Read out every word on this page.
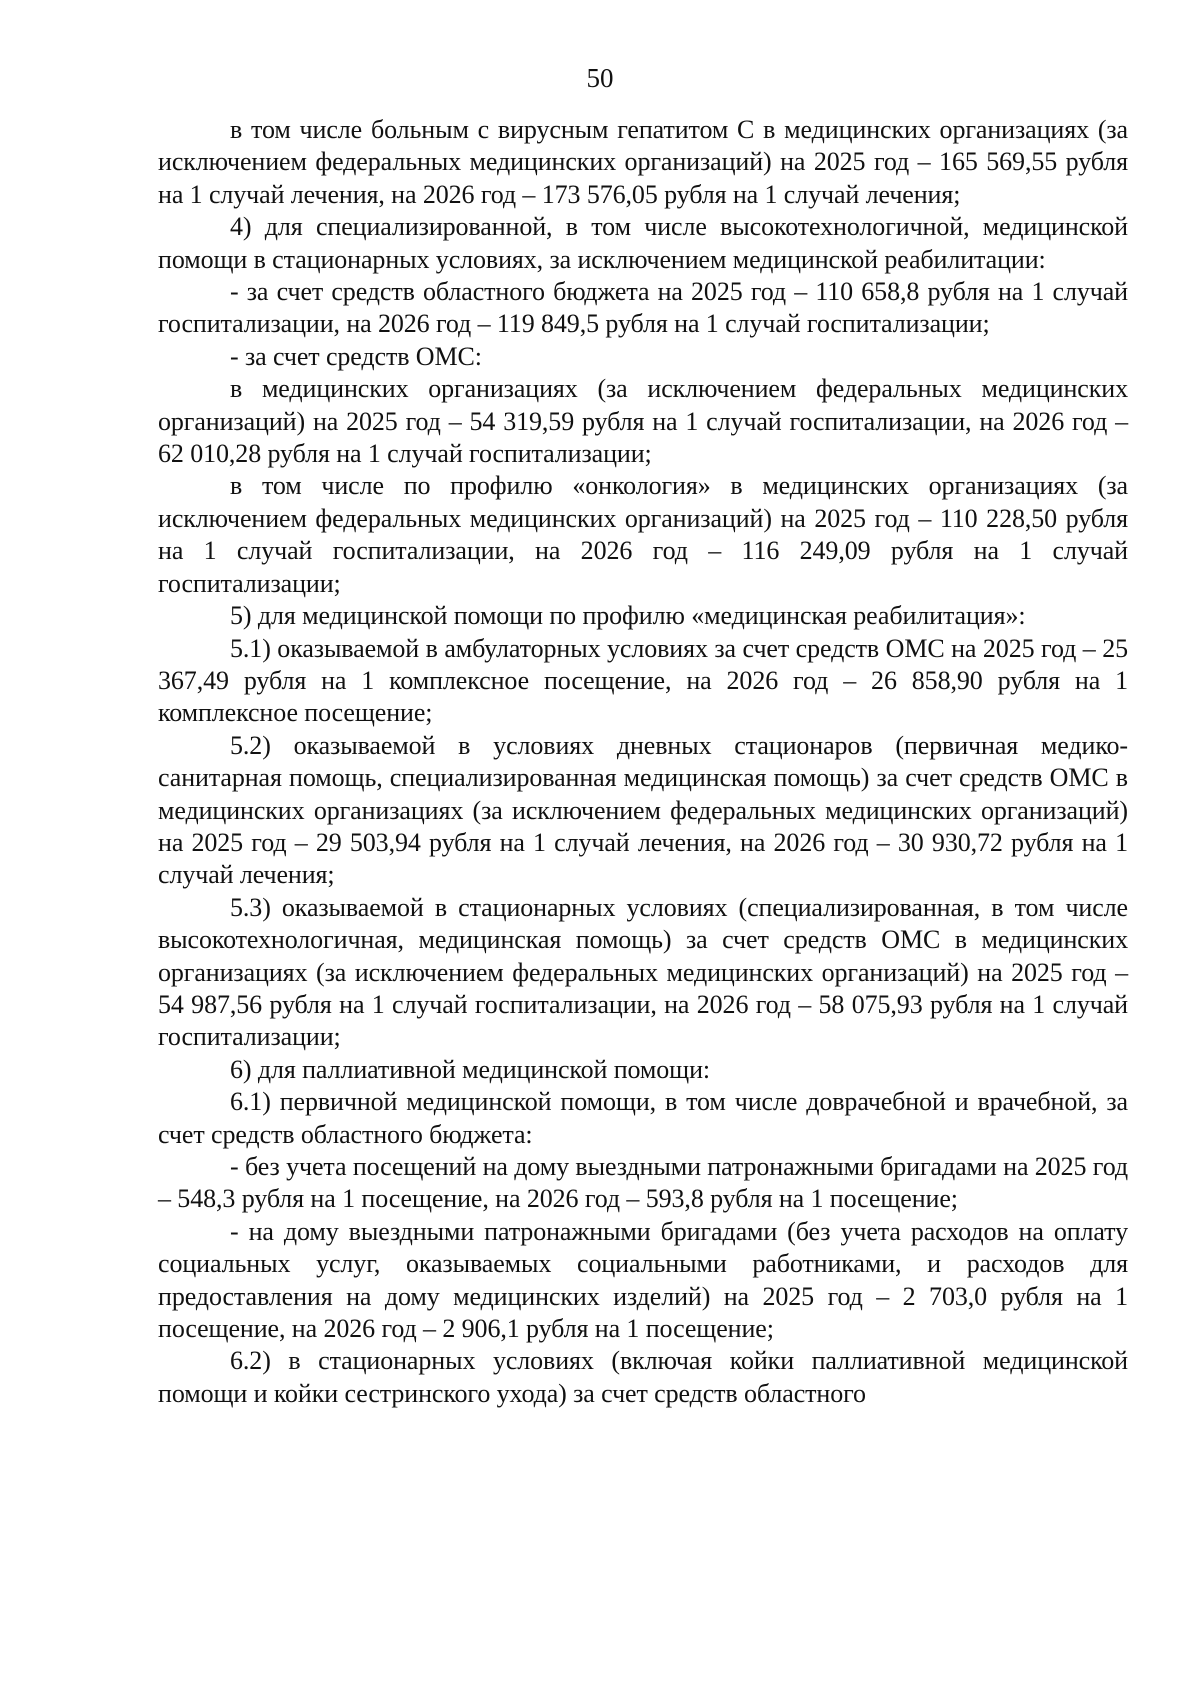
50

в том числе больным с вирусным гепатитом С в медицинских организациях (за исключением федеральных медицинских организаций) на 2025 год – 165 569,55 рубля на 1 случай лечения, на 2026 год – 173 576,05 рубля на 1 случай лечения;

4) для специализированной, в том числе высокотехнологичной, медицинской помощи в стационарных условиях, за исключением медицинской реабилитации:

- за счет средств областного бюджета на 2025 год – 110 658,8 рубля на 1 случай госпитализации, на 2026 год – 119 849,5 рубля на 1 случай госпитализации;

- за счет средств ОМС:

в медицинских организациях (за исключением федеральных медицинских организаций) на 2025 год – 54 319,59 рубля на 1 случай госпитализации, на 2026 год – 62 010,28 рубля на 1 случай госпитализации;

в том числе по профилю «онкология» в медицинских организациях (за исключением федеральных медицинских организаций) на 2025 год – 110 228,50 рубля на 1 случай госпитализации, на 2026 год – 116 249,09 рубля на 1 случай госпитализации;

5) для медицинской помощи по профилю «медицинская реабилитация»:

5.1) оказываемой в амбулаторных условиях за счет средств ОМС на 2025 год – 25 367,49 рубля на 1 комплексное посещение, на 2026 год – 26 858,90 рубля на 1 комплексное посещение;

5.2) оказываемой в условиях дневных стационаров (первичная медико-санитарная помощь, специализированная медицинская помощь) за счет средств ОМС в медицинских организациях (за исключением федеральных медицинских организаций) на 2025 год – 29 503,94 рубля на 1 случай лечения, на 2026 год – 30 930,72 рубля на 1 случай лечения;

5.3) оказываемой в стационарных условиях (специализированная, в том числе высокотехнологичная, медицинская помощь) за счет средств ОМС в медицинских организациях (за исключением федеральных медицинских организаций) на 2025 год – 54 987,56 рубля на 1 случай госпитализации, на 2026 год – 58 075,93 рубля на 1 случай госпитализации;

6) для паллиативной медицинской помощи:

6.1) первичной медицинской помощи, в том числе доврачебной и врачебной, за счет средств областного бюджета:

- без учета посещений на дому выездными патронажными бригадами на 2025 год – 548,3 рубля на 1 посещение, на 2026 год – 593,8 рубля на 1 посещение;

- на дому выездными патронажными бригадами (без учета расходов на оплату социальных услуг, оказываемых социальными работниками, и расходов для предоставления на дому медицинских изделий) на 2025 год – 2 703,0 рубля на 1 посещение, на 2026 год – 2 906,1 рубля на 1 посещение;

6.2) в стационарных условиях (включая койки паллиативной медицинской помощи и койки сестринского ухода) за счет средств областного
